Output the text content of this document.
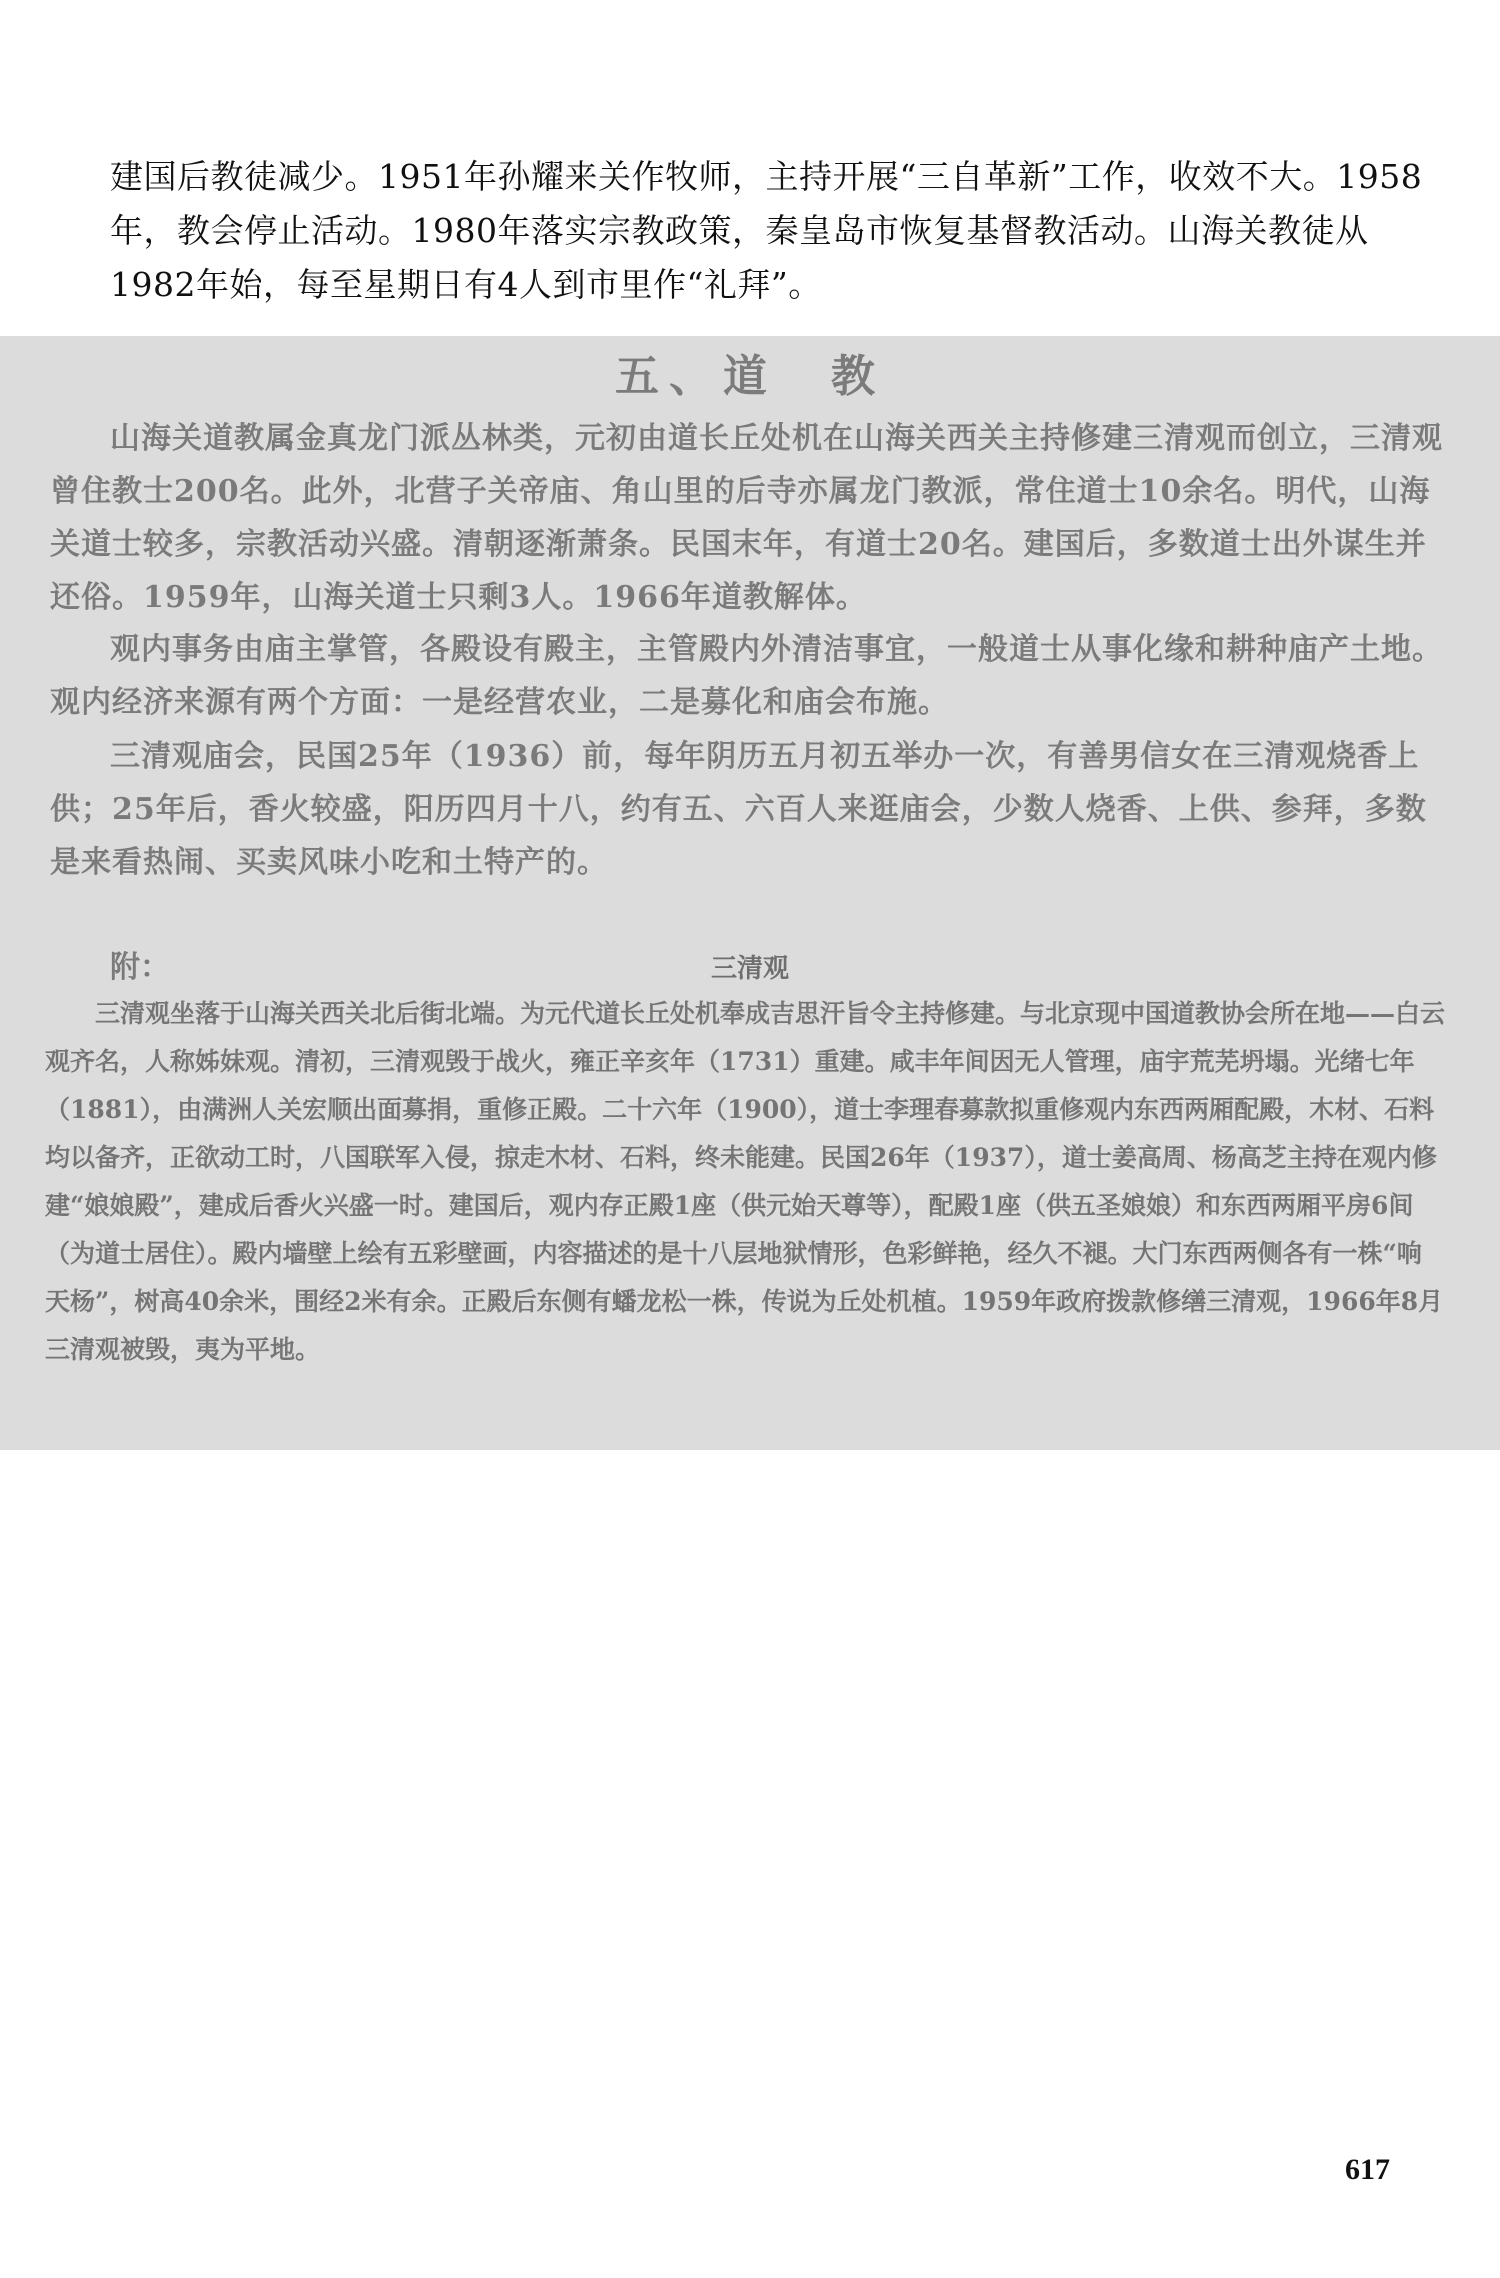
建国后教徒减少。1951年孙耀来关作牧师，主持开展“三自革新”工作，收效不大。1958年，教会停止活动。1980年落实宗教政策，秦皇岛市恢复基督教活动。山海关教徒从1982年始，每至星期日有4人到市里作“礼拜”。
五、道　教

山海关道教属金真龙门派丛林类，元初由道长丘处机在山海关西关主持修建三清观而创立，三清观曾住教士200名。此外，北营子关帝庙、角山里的后寺亦属龙门教派，常住道士10余名。明代，山海关道士较多，宗教活动兴盛。清朝逐渐萧条。民国末年，有道士20名。建国后，多数道士出外谋生并还俗。1959年，山海关道士只剩3人。1966年道教解体。

观内事务由庙主掌管，各殿设有殿主，主管殿内外清洁事宜，一般道士从事化缘和耕种庙产土地。观内经济来源有两个方面：一是经营农业，二是募化和庙会布施。

三清观庙会，民国25年（1936）前，每年阴历五月初五举办一次，有善男信女在三清观烧香上供；25年后，香火较盛，阳历四月十八，约有五、六百人来逛庙会，少数人烧香、上供、参拜，多数是来看热闹、买卖风味小吃和土特产的。

附：	三清观

三清观坐落于山海关西关北后街北端。为元代道长丘处机奉成吉思汗旨令主持修建。与北京现中国道教协会所在地——白云观齐名，人称姊妹观。清初，三清观毁于战火，雍正辛亥年（1731）重建。咸丰年间因无人管理，庙宇荒芜坍塌。光绪七年（1881），由满洲人关宏顺出面募捐，重修正殿。二十六年（1900），道士李理春募款拟重修观内东西两厢配殿，木材、石料均以备齐，正欲动工时，八国联军入侵，掠走木材、石料，终未能建。民国26年（1937），道士姜高周、杨高芝主持在观内修建“娘娘殿”，建成后香火兴盛一时。建国后，观内存正殿1座（供元始天尊等），配殿1座（供五圣娘娘）和东西两厢平房6间（为道士居住）。殿内墙壁上绘有五彩壁画，内容描述的是十八层地狱情形，色彩鲜艳，经久不褪。大门东西两侧各有一株“响天杨”，树高40余米，围经2米有余。正殿后东侧有蟠龙松一株，传说为丘处机植。1959年政府拨款修缮三清观，1966年8月三清观被毁，夷为平地。

617
